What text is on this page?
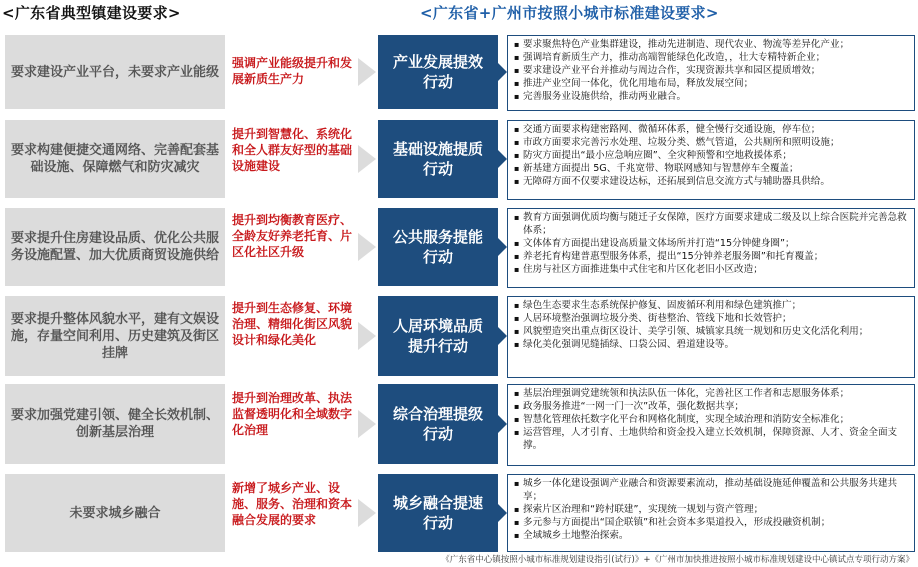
<广东省典型镇建设要求>	<广东省+广州市按照小城市标准建设要求>
要求建设产业平台，未要求产业能级
强调产业能级提升和发展新质生产力
产业发展提效行动
▪ 要求聚焦特色产业集群建设，推动先进制造、现代农业、物流等差异化产业；
▪ 强调培育新质生产力，推动高端智能绿色化改造，，壮大专精特新企业；
▪ 要求建设产业平台并推动与周边合作，实现资源共享和园区提质增效；
▪ 推进产业空间一体化，优化用地布局，释放发展空间；
▪ 完善服务业设施供给，推动两业融合。
要求构建便捷交通网络、完善配套基础设施、保障燃气和防灾减灾
提升到智慧化、系统化和全人群友好型的基础设施建设
基础设施提质行动
▪ 交通方面要求构建密路网、微循环体系，健全慢行交通设施，停车位；
▪ 市政方面要求完善污水处理、垃圾分类、燃气管道，公共厕所和照明设施；
▪ 防灾方面提出“最小应急响应圈”、全灾种预警和空地救援体系；
▪ 新基建方面提出 5G、千兆宽带、物联网感知与智慧停车全覆盖；
▪ 无障碍方面不仅要求建设达标，还拓展到信息交流方式与辅助器具供给。
要求提升住房建设品质、优化公共服务设施配置、加大优质商贸设施供给
提升到均衡教育医疗、全龄友好养老托育、片区化社区升级
公共服务提能行动
▪ 教育方面强调优质均衡与随迁子女保障，医疗方面要求建成二级及以上综合医院并完善急救体系；
▪ 文体体育方面提出建设高质量文体场所并打造“15分钟健身圈”；
▪ 养老托育构建普惠型服务体系，提出“15分钟养老服务圈”和托育覆盖；
▪ 住房与社区方面推进集中式住宅和片区化老旧小区改造；
要求提升整体风貌水平，建有文娱设施，存量空间利用、历史建筑及街区挂牌
提升到生态修复、环境治理、精细化街区风貌设计和绿化美化
人居环境品质提升行动
▪ 绿色生态要求生态系统保护修复、固废循环利用和绿色建筑推广；
▪ 人居环境整治强调垃圾分类、街巷整治、管线下地和长效管护；
▪ 风貌塑造突出重点街区设计、美学引领、城镇家具统一规划和历史文化活化利用；
▪ 绿化美化强调见缝插绿、口袋公园、碧道建设等。
要求加强党建引领、健全长效机制、创新基层治理
提升到治理改革、执法监督透明化和全域数字化治理
综合治理提级行动
▪ 基层治理强调党建统领和执法队伍一体化，完善社区工作者和志愿服务体系；
▪ 政务服务推进“一网一门一次”改革，强化数据共享；
▪ 智慧化管理依托数字化平台和网格化制度，实现全域治理和消防安全标准化；
▪ 运营管理，人才引育、土地供给和资金投入建立长效机制，保障资源、人才、资金全面支撑。
未要求城乡融合
新增了城乡产业、设施、服务、治理和资本融合发展的要求
城乡融合提速行动
▪ 城乡一体化建设强调产业融合和资源要素流动，推动基础设施延伸覆盖和公共服务共建共享；
▪ 探索片区治理和“跨村联建”，实现统一规划与资产管理；
▪ 多元参与方面提出“国企联镇”和社会资本多渠道投入，形成投融资机制；
▪ 全域城乡土地整治探索。
《广东省中心镇按照小城市标准规划建设指引(试行)》+《广州市加快推进按照小城市标准规划建设中心镇试点专项行动方案》
